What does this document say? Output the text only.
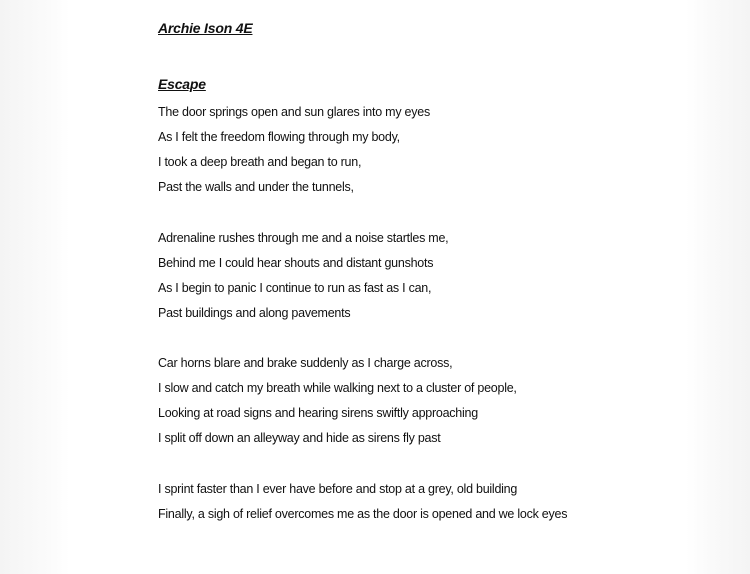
Archie Ison 4E
Escape
The door springs open and sun glares into my eyes
As I felt the freedom flowing through my body,
I took a deep breath and began to run,
Past the walls and under the tunnels,
Adrenaline rushes through me and a noise startles me,
Behind me I could hear shouts and distant gunshots
As I begin to panic I continue to run as fast as I can,
Past buildings and along pavements
Car horns blare and brake suddenly as I charge across,
I slow and catch my breath while walking next to a cluster of people,
Looking at road signs and hearing sirens swiftly approaching
I split off down an alleyway and hide as sirens fly past
I sprint faster than I ever have before and stop at a grey, old building
Finally, a sigh of relief overcomes me as the door is opened and we lock eyes
